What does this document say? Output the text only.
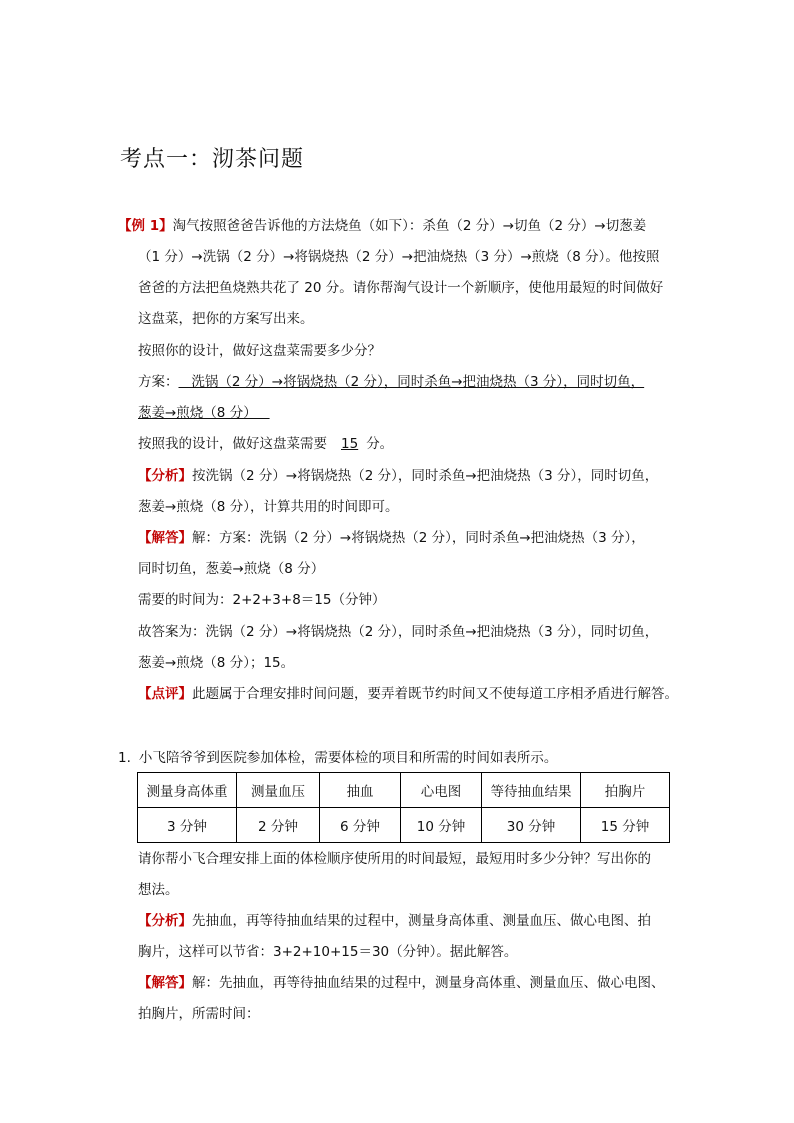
考点一：沏茶问题
【例 1】淘气按照爸爸告诉他的方法烧鱼（如下）：杀鱼（2 分）→切鱼（2 分）→切葱姜
（1 分）→洗锅（2 分）→将锅烧热（2 分）→把油烧热（3 分）→煎烧（8 分）。他按照
爸爸的方法把鱼烧熟共花了 20 分。请你帮淘气设计一个新顺序，使他用最短的时间做好
这盘菜，把你的方案写出来。
按照你的设计，做好这盘菜需要多少分？
方案：   洗锅（2 分）→将锅烧热（2 分），同时杀鱼→把油烧热（3 分），同时切鱼，
葱姜→煎烧（8 分）
按照我的设计，做好这盘菜需要 15 分。
【分析】按洗锅（2 分）→将锅烧热（2 分），同时杀鱼→把油烧热（3 分），同时切鱼，
葱姜→煎烧（8 分），计算共用的时间即可。
【解答】解：方案：洗锅（2 分）→将锅烧热（2 分），同时杀鱼→把油烧热（3 分），
同时切鱼，葱姜→煎烧（8 分）
需要的时间为：2+2+3+8＝15（分钟）
故答案为：洗锅（2 分）→将锅烧热（2 分），同时杀鱼→把油烧热（3 分），同时切鱼，
葱姜→煎烧（8 分）；15。
【点评】此题属于合理安排时间问题，要弄着既节约时间又不使每道工序相矛盾进行解答。
1. 小飞陪爷爷到医院参加体检，需要体检的项目和所需的时间如表所示。
测量身高体重	测量血压	抽血	心电图	等待抽血结果	拍胸片
3 分钟	2 分钟	6 分钟	10 分钟	30 分钟	15 分钟
请你帮小飞合理安排上面的体检顺序使所用的时间最短，最短用时多少分钟？写出你的
想法。
【分析】先抽血，再等待抽血结果的过程中，测量身高体重、测量血压、做心电图、拍
胸片，这样可以节省：3+2+10+15＝30（分钟）。据此解答。
【解答】解：先抽血，再等待抽血结果的过程中，测量身高体重、测量血压、做心电图、
拍胸片，所需时间：
